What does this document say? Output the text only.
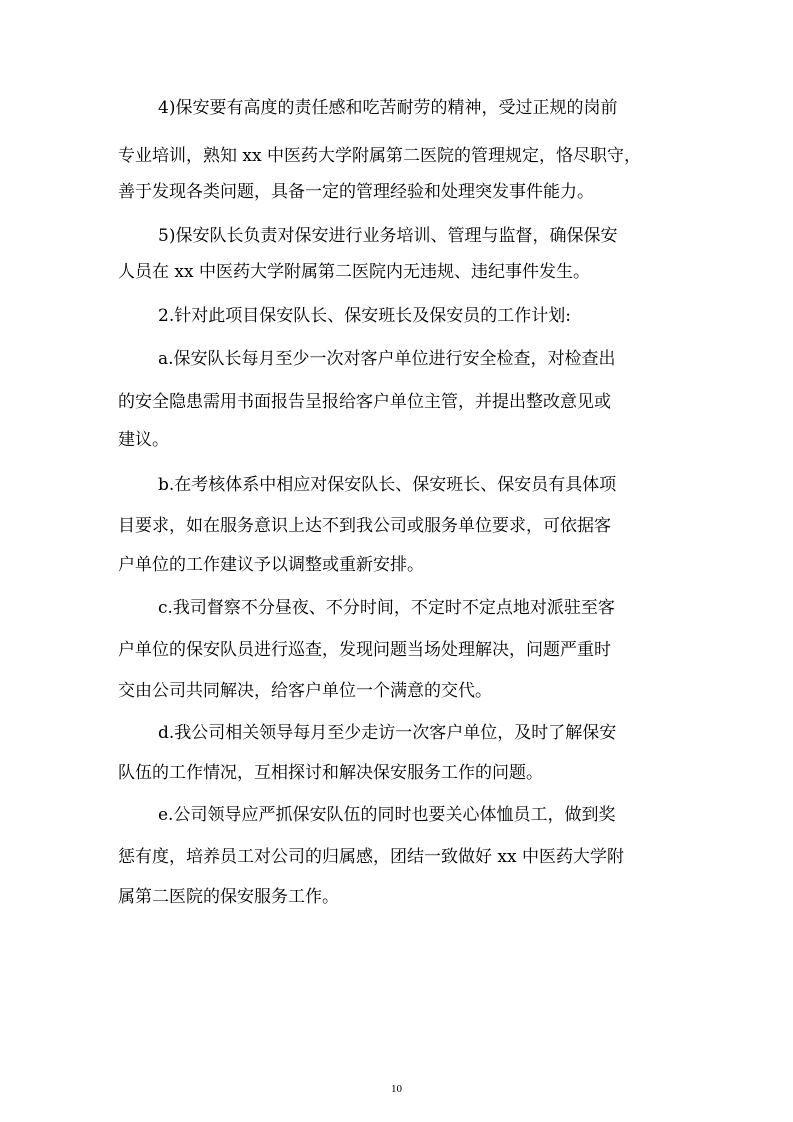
4)保安要有高度的责任感和吃苦耐劳的精神，受过正规的岗前
专业培训，熟知 xx 中医药大学附属第二医院的管理规定，恪尽职守，
善于发现各类问题，具备一定的管理经验和处理突发事件能力。
5)保安队长负责对保安进行业务培训、管理与监督，确保保安
人员在 xx 中医药大学附属第二医院内无违规、违纪事件发生。
2.针对此项目保安队长、保安班长及保安员的工作计划:
a.保安队长每月至少一次对客户单位进行安全检查，对检查出
的安全隐患需用书面报告呈报给客户单位主管，并提出整改意见或
建议。
b.在考核体系中相应对保安队长、保安班长、保安员有具体项
目要求，如在服务意识上达不到我公司或服务单位要求，可依据客
户单位的工作建议予以调整或重新安排。
c.我司督察不分昼夜、不分时间，不定时不定点地对派驻至客
户单位的保安队员进行巡查，发现问题当场处理解决，问题严重时
交由公司共同解决，给客户单位一个满意的交代。
d.我公司相关领导每月至少走访一次客户单位，及时了解保安
队伍的工作情况，互相探讨和解决保安服务工作的问题。
e.公司领导应严抓保安队伍的同时也要关心体恤员工，做到奖
惩有度，培养员工对公司的归属感，团结一致做好 xx 中医药大学附
属第二医院的保安服务工作。
10
